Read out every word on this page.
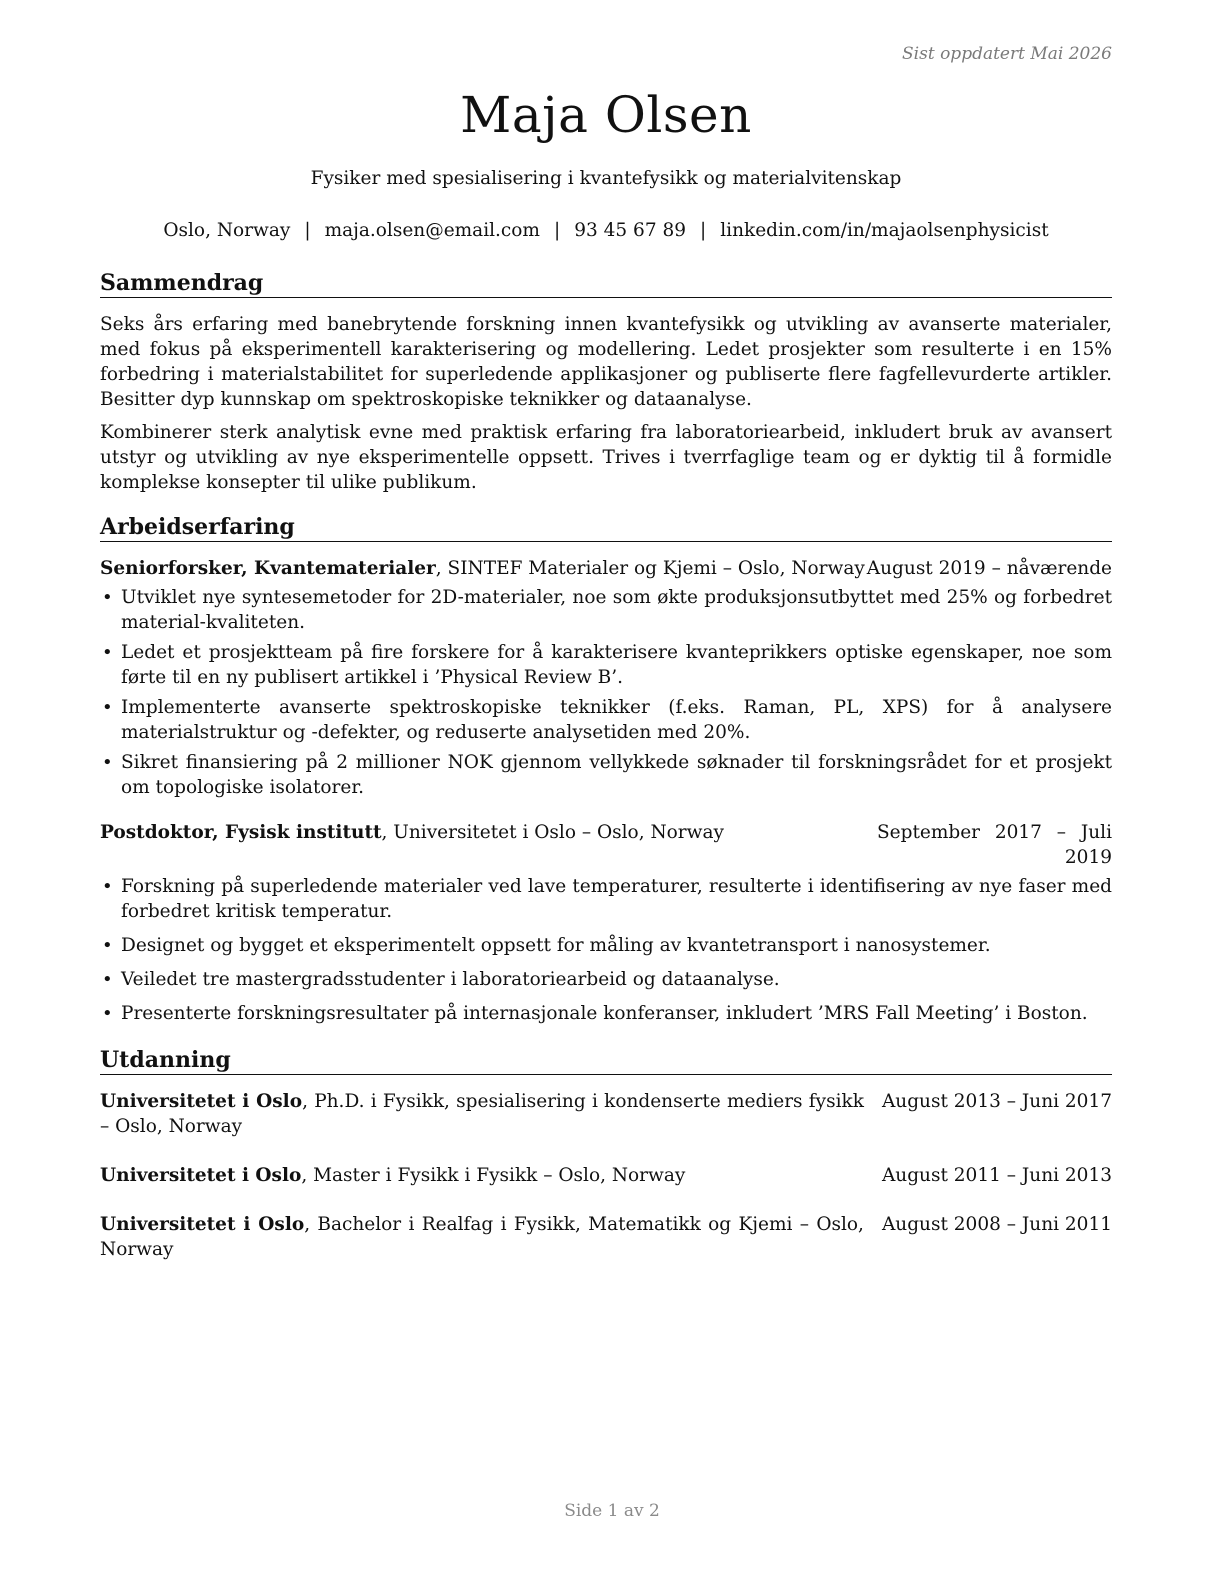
Sist oppdatert Mai 2026
Maja Olsen
Fysiker med spesialisering i kvantefysikk og materialvitenskap
Oslo, Norway | maja.olsen@email.com | 93 45 67 89 | linkedin.com/in/majaolsenphysicist
Sammendrag

Seks års erfaring med banebrytende forskning innen kvantefysikk og utvikling av avanserte materialer, med fokus på eksperimentell karakterisering og modellering. Ledet prosjekter som resulterte i en 15% forbedring i materialstabilitet for superledende applikasjoner og publiserte flere fagfellevurderte artikler. Besitter dyp kunnskap om spektroskopiske teknikker og dataanalyse.

Kombinerer sterk analytisk evne med praktisk erfaring fra laboratoriearbeid, inkludert bruk av avansert utstyr og utvikling av nye eksperimentelle oppsett. Trives i tverrfaglige team og er dyktig til å formidle komplekse konsepter til ulike publikum.

Arbeidserfaring
Seniorforsker, Kvantematerialer, SINTEF Materialer og Kjemi – Oslo, Norway August 2019 – nåværende
• Utviklet nye syntesemetoder for 2D-materialer, noe som økte produksjonsutbyttet med 25% og forbedret material-kvaliteten.
• Ledet et prosjektteam på fire forskere for å karakterisere kvanteprikkers optiske egenskaper, noe som førte til en ny publisert artikkel i ’Physical Review B’.
• Implementerte avanserte spektroskopiske teknikker (f.eks. Raman, PL, XPS) for å analysere materialstruktur og -defekter, og reduserte analysetiden med 20%.
• Sikret finansiering på 2 millioner NOK gjennom vellykkede søknader til forskningsrådet for et prosjekt om topologiske isolatorer.
Postdoktor, Fysisk institutt, Universitetet i Oslo – Oslo, Norway	September 2017 – Juli 2019
• Forskning på superledende materialer ved lave temperaturer, resulterte i identifisering av nye faser med forbedret kritisk temperatur.
• Designet og bygget et eksperimentelt oppsett for måling av kvantetransport i nanosystemer.
• Veiledet tre mastergradsstudenter i laboratoriearbeid og dataanalyse.
• Presenterte forskningsresultater på internasjonale konferanser, inkludert ’MRS Fall Meeting’ i Boston.
Utdanning
Universitetet i Oslo, Ph.D. i Fysikk, spesialisering i kondenserte mediers fysikk – Oslo, Norway
August 2013 – Juni 2017
Universitetet i Oslo, Master i Fysikk i Fysikk – Oslo, Norway	August 2011 – Juni 2013
Universitetet i Oslo, Bachelor i Realfag i Fysikk, Matematikk og Kjemi – Oslo, Norway
August 2008 – Juni 2011
Side 1 av 2
